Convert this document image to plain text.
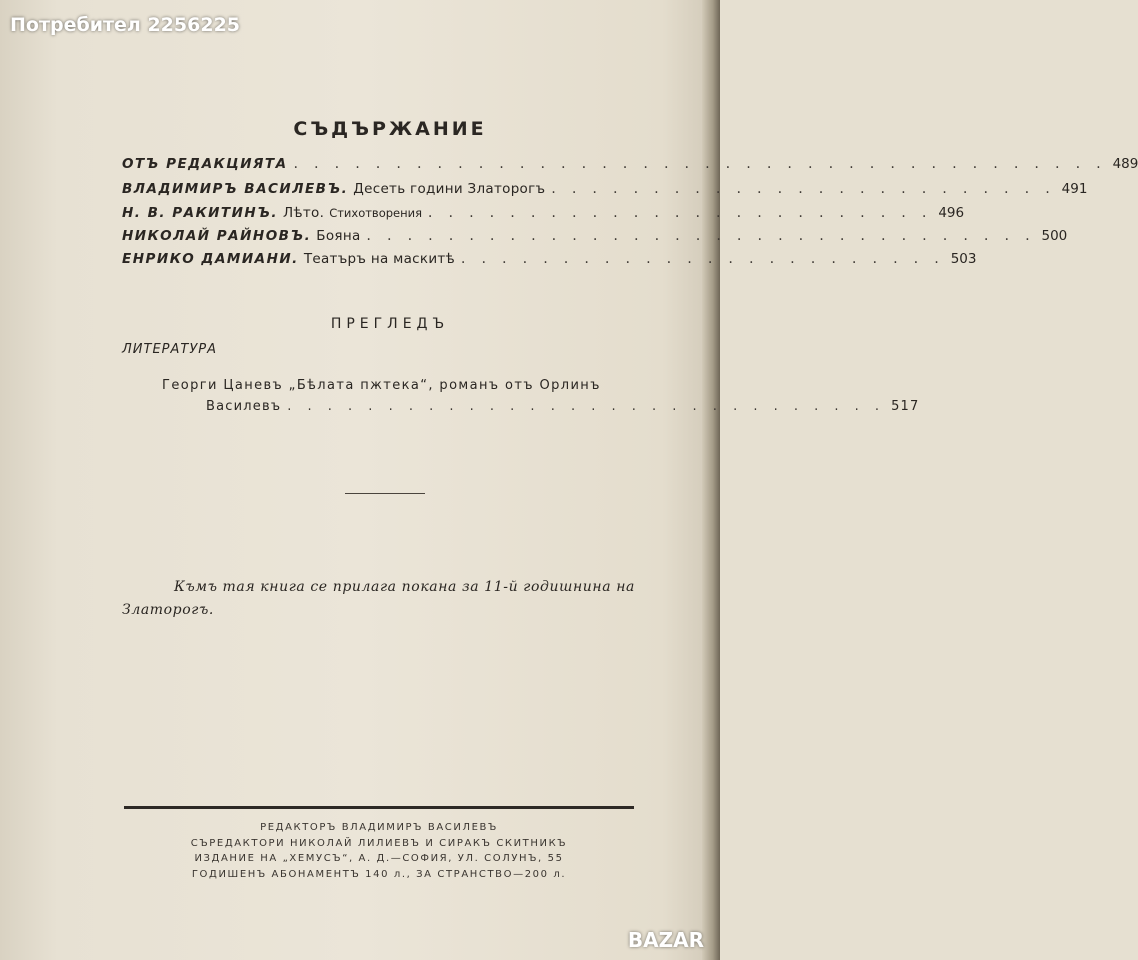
Потребител 2256225
СЪДЪРЖАНИЕ
ОТЪ РЕДАКЦИЯТА . . . . . . . . . . . . . . . . . . . . . . . . . . . . . . . . . . . . . . . . 489
ВЛАДИМИРЪ ВАСИЛЕВЪ. Десеть години Златорогъ . . . . . . . . . . . . . . . . . . . . . . . . . 491
Н. В. РАКИТИНЪ. Лѣто. Стихотворения . . . . . . . . . . . . . . . . . . . . . . . . . 496
НИКОЛАЙ РАЙНОВЪ. Бояна . . . . . . . . . . . . . . . . . . . . . . . . . . . . . . . . . 500
ЕНРИКО ДАМИАНИ. Театъръ на маскитѣ . . . . . . . . . . . . . . . . . . . . . . . . 503
ПРЕГЛЕДЪ
ЛИТЕРАТУРА
Георги Цаневъ „Бѣлата пжтека“, романъ отъ Орлинъ
Василевъ . . . . . . . . . . . . . . . . . . . . . . . . . . . . . . 517
Къмъ тая книга се прилага покана за 11-й годишнина на Златорогъ.
РЕДАКТОРЪ ВЛАДИМИРЪ ВАСИЛЕВЪ
СЪРЕДАКТОРИ НИКОЛАЙ ЛИЛИЕВЪ И СИРАКЪ СКИТНИКЪ
ИЗДАНИЕ НА „ХЕМУСЪ“, А. Д.—СОФИЯ, УЛ. СОЛУНЪ, 55
ГОДИШЕНЪ АБОНАМЕНТЪ 140 л., ЗА СТРАНСТВО—200 л.
BAZAR
